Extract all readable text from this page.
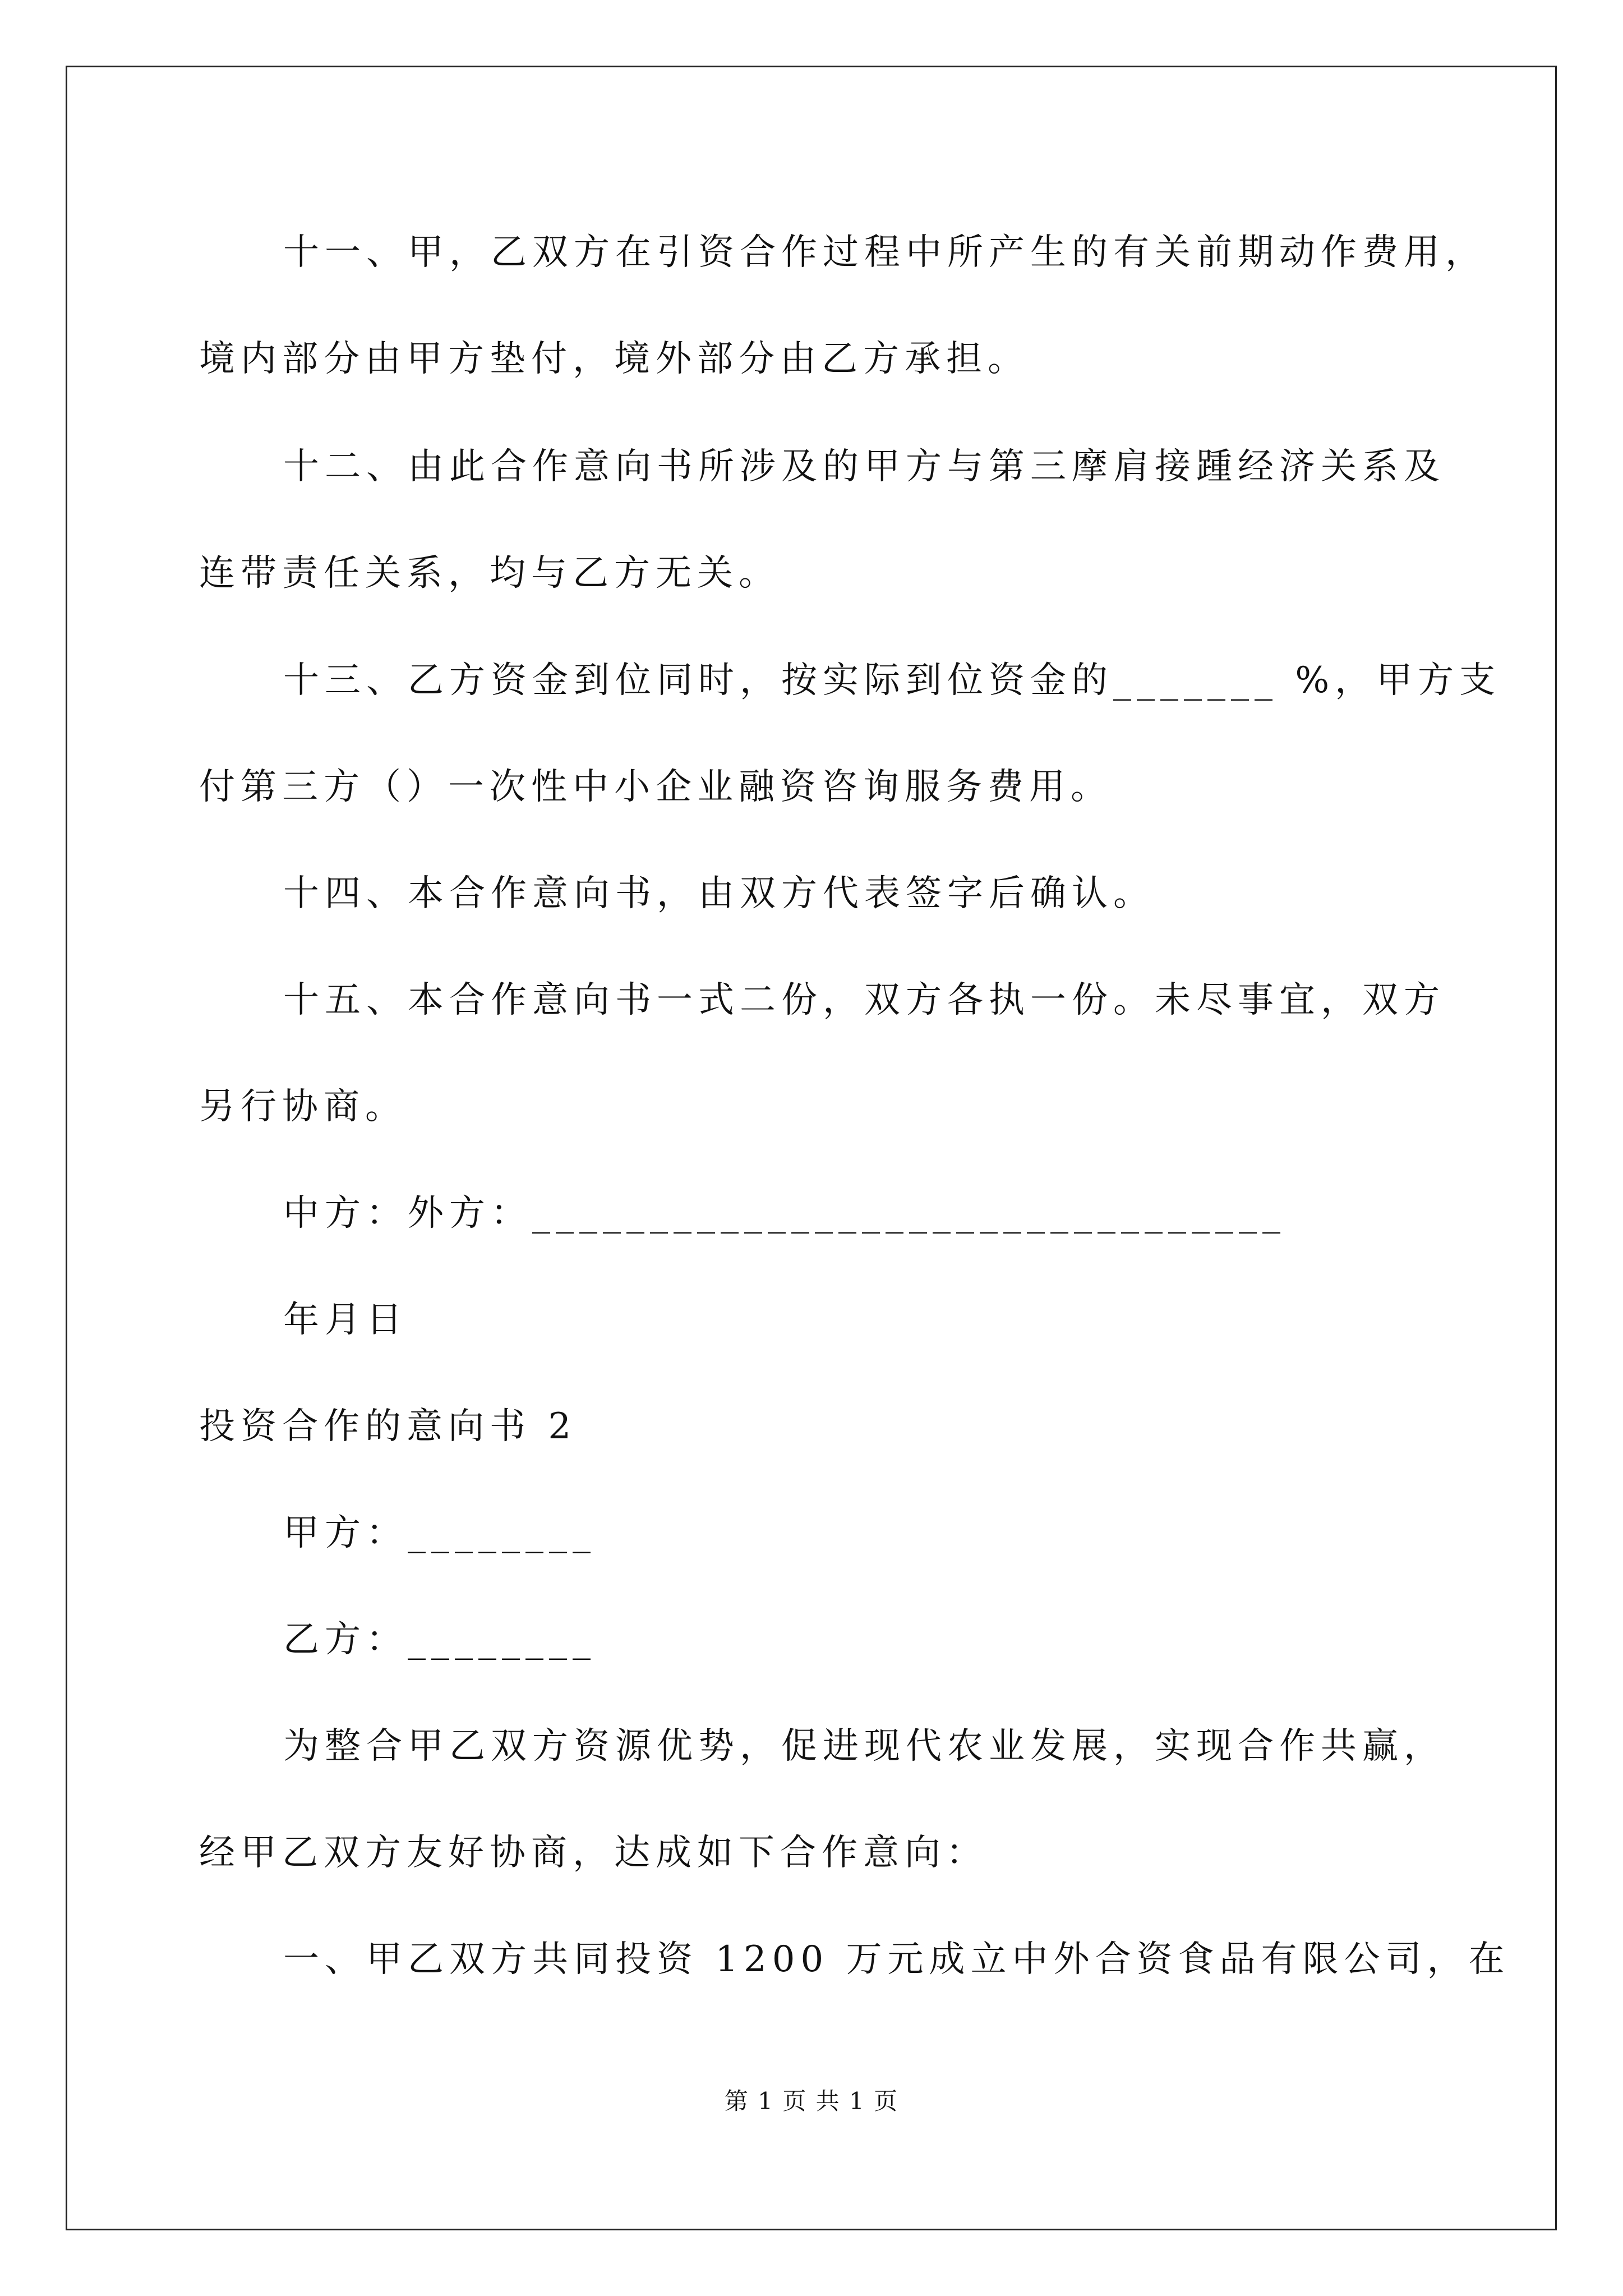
十一、甲，乙双方在引资合作过程中所产生的有关前期动作费用，
境内部分由甲方垫付，境外部分由乙方承担。
十二、由此合作意向书所涉及的甲方与第三摩肩接踵经济关系及
连带责任关系，均与乙方无关。
十三、乙方资金到位同时，按实际到位资金的_______ %，甲方支
付第三方（）一次性中小企业融资咨询服务费用。
十四、本合作意向书，由双方代表签字后确认。
十五、本合作意向书一式二份，双方各执一份。未尽事宜，双方
另行协商。
中方：外方：________________________________
年月日
投资合作的意向书 2
甲方：________
乙方：________
为整合甲乙双方资源优势，促进现代农业发展，实现合作共赢，
经甲乙双方友好协商，达成如下合作意向：
一、甲乙双方共同投资 1200 万元成立中外合资食品有限公司，在
第 1 页 共 1 页
